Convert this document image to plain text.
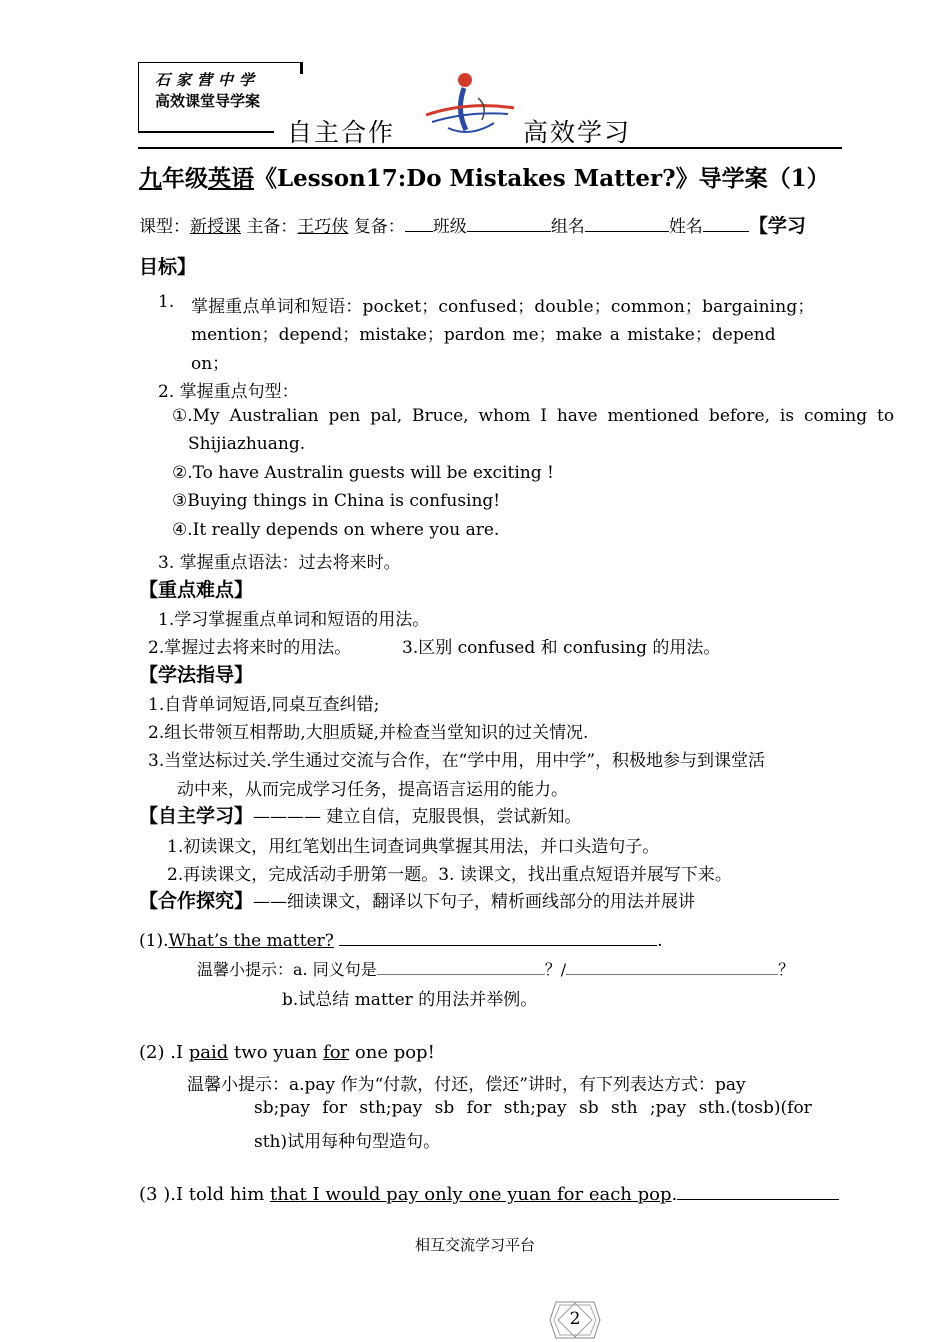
石家营中学
高效课堂导学案
自主合作	高效学习
九年级英语《Lesson17:Do Mistakes Matter?》导学案（1）
课型：新授课 主备：王巧侠 复备： 班级	组名	姓名 【学习
目标】
1. 掌握重点单词和短语：pocket；confused；double；common；bargaining；
mention；depend；mistake；pardon me；make a mistake；depend
on；
2. 掌握重点句型：
①.My Australian pen pal, Bruce, whom I have mentioned before, is coming to
Shijiazhuang.
②.To have Australin guests will be exciting !
③Buying things in China is confusing!
④.It really depends on where you are.
3. 掌握重点语法：过去将来时。
【重点难点】
1.学习掌握重点单词和短语的用法。
2.掌握过去将来时的用法。	3.区别 confused 和 confusing 的用法。
【学法指导】
1.自背单词短语,同桌互查纠错;
2.组长带领互相帮助,大胆质疑,并检查当堂知识的过关情况.
3.当堂达标过关.学生通过交流与合作，在“学中用，用中学”，积极地参与到课堂活
动中来，从而完成学习任务，提高语言运用的能力。
【自主学习】———— 建立自信，克服畏惧，尝试新知。
1.初读课文，用红笔划出生词查词典掌握其用法，并口头造句子。
2.再读课文，完成活动手册第一题。3. 读课文，找出重点短语并展写下来。
【合作探究】——细读课文，翻译以下句子，精析画线部分的用法并展讲
(1).What’s the matter?	.
温馨小提示：a. 同义句是	？/	？
b.试总结 matter 的用法并举例。
(2) .I paid two yuan for one pop!
温馨小提示：a.pay 作为“付款，付还，偿还”讲时，有下列表达方式：pay
sb;pay for sth;pay sb for sth;pay sb sth ;pay sth.(tosb)(for
sth)试用每种句型造句。
(3 ).I told him that I would pay only one yuan for each pop.
相互交流学习平台
2
